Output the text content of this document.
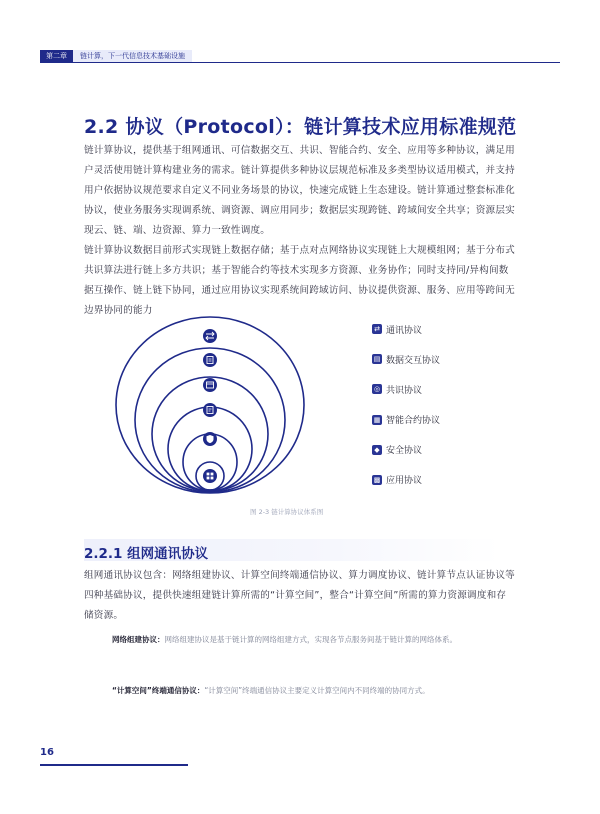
第二章	链计算，下一代信息技术基础设施
2.2 协议（Protocol）：链计算技术应用标准规范

链计算协议，提供基于组网通讯、可信数据交互、共识、智能合约、安全、应用等多种协议，满足用户灵活使用链计算构建业务的需求。链计算提供多种协议层规范标准及多类型协议适用模式，并支持用户依据协议规范要求自定义不同业务场景的协议，快速完成链上生态建设。链计算通过整套标准化协议，使业务服务实现调系统、调资源、调应用同步；数据层实现跨链、跨域间安全共享；资源层实现云、链、端、边资源、算力一致性调度。

链计算协议数据目前形式实现链上数据存储；基于点对点网络协议实现链上大规模组网；基于分布式共识算法进行链上多方共识；基于智能合约等技术实现多方资源、业务协作；同时支持同/异构间数据互操作、链上链下协同，通过应用协议实现系统间跨域访问、协议提供资源、服务、应用等跨间无边界协同的能力

⇄ 通讯协议
▤ 数据交互协议
◎ 共识协议
▦ 智能合约协议
◆ 安全协议
▩ 应用协议
图 2-3 链计算协议体系图
2.2.1 组网通讯协议

组网通讯协议包含：网络组建协议、计算空间终端通信协议、算力调度协议、链计算节点认证协议等四种基础协议，提供快速组建链计算所需的“计算空间”，整合“计算空间”所需的算力资源调度和存储资源。

网络组建协议：网络组建协议是基于链计算的网络组建方式，实现各节点服务间基于链计算的网络体系。
“计算空间”终端通信协议：“计算空间”终端通信协议主要定义计算空间内不同终端的协同方式。
16
